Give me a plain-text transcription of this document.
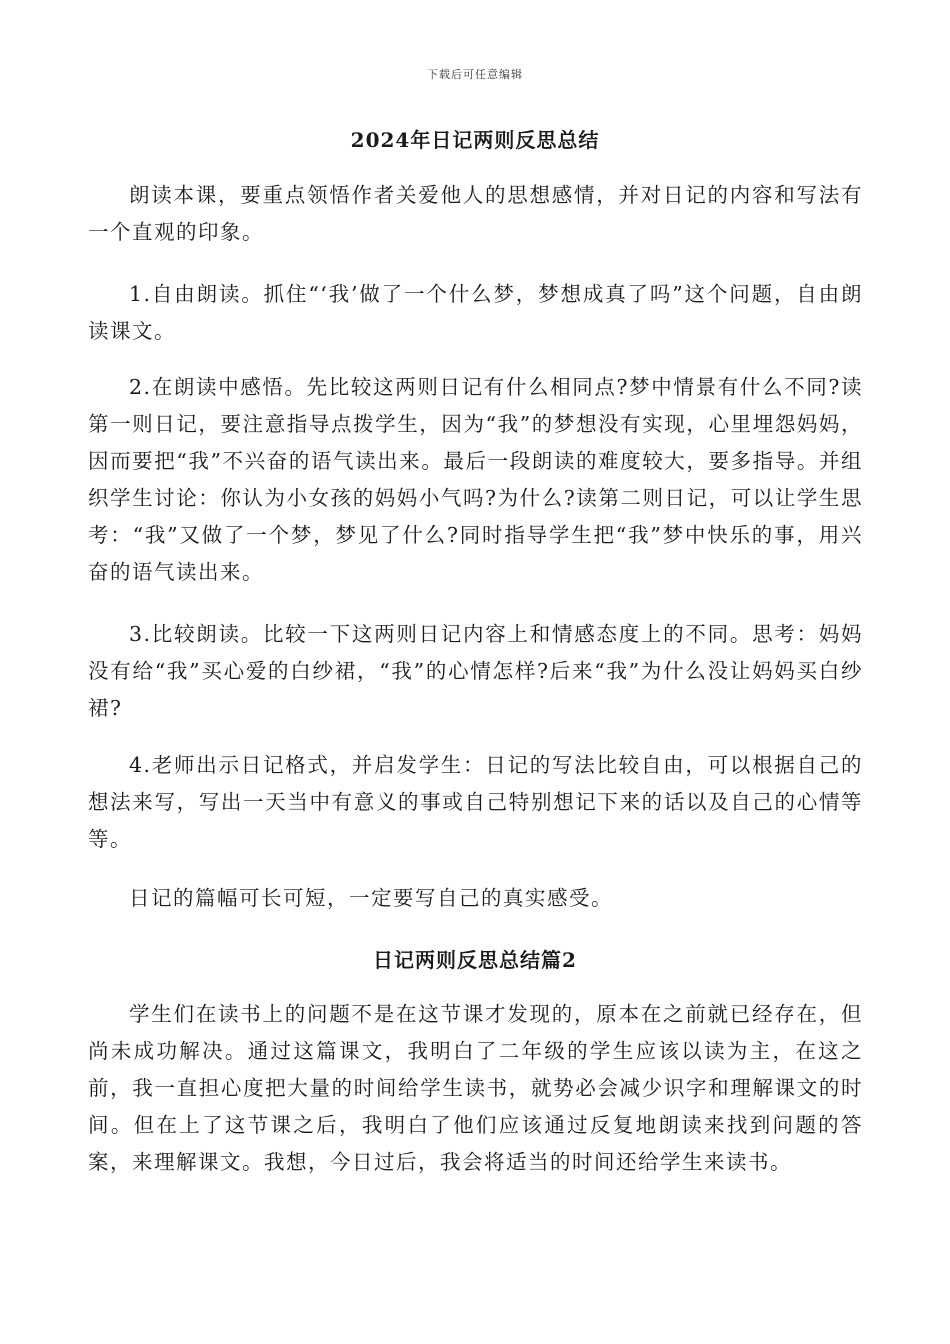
下载后可任意编辑
2024年日记两则反思总结

朗读本课，要重点领悟作者关爱他人的思想感情，并对日记的内容和写法有一个直观的印象。

1.自由朗读。抓住“‘我’做了一个什么梦，梦想成真了吗”这个问题，自由朗读课文。

2.在朗读中感悟。先比较这两则日记有什么相同点?梦中情景有什么不同?读第一则日记，要注意指导点拨学生，因为“我”的梦想没有实现，心里埋怨妈妈，因而要把“我”不兴奋的语气读出来。最后一段朗读的难度较大，要多指导。并组织学生讨论：你认为小女孩的妈妈小气吗?为什么?读第二则日记，可以让学生思考：“我”又做了一个梦，梦见了什么?同时指导学生把“我”梦中快乐的事，用兴奋的语气读出来。

3.比较朗读。比较一下这两则日记内容上和情感态度上的不同。思考：妈妈没有给“我”买心爱的白纱裙，“我”的心情怎样?后来“我”为什么没让妈妈买白纱裙?

4.老师出示日记格式，并启发学生：日记的写法比较自由，可以根据自己的想法来写，写出一天当中有意义的事或自己特别想记下来的话以及自己的心情等等。

日记的篇幅可长可短，一定要写自己的真实感受。

日记两则反思总结篇2

学生们在读书上的问题不是在这节课才发现的，原本在之前就已经存在，但尚未成功解决。通过这篇课文，我明白了二年级的学生应该以读为主，在这之前，我一直担心度把大量的时间给学生读书，就势必会减少识字和理解课文的时间。但在上了这节课之后，我明白了他们应该通过反复地朗读来找到问题的答案，来理解课文。我想，今日过后，我会将适当的时间还给学生来读书。
